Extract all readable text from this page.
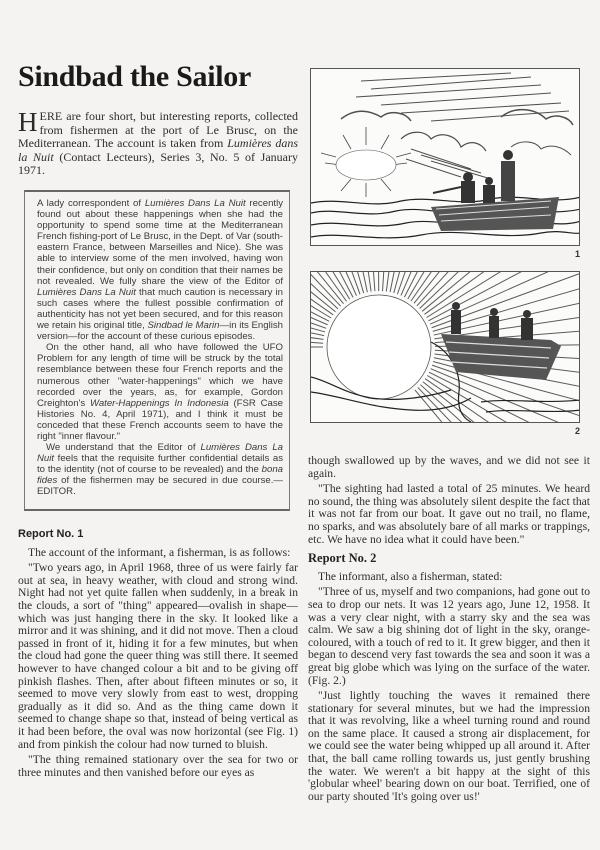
Sindbad the Sailor

HERE are four short, but interesting reports, collected from fishermen at the port of Le Brusc, on the Mediterranean. The account is taken from Lumières dans la Nuit (Contact Lecteurs), Series 3, No. 5 of January 1971.

A lady correspondent of Lumières Dans La Nuit recently found out about these happenings when she had the opportunity to spend some time at the Mediterranean French fishing-port of Le Brusc, in the Dept. of Var (south-eastern France, between Marseilles and Nice). She was able to interview some of the men involved, having won their confidence, but only on condition that their names be not revealed. We fully share the view of the Editor of Lumières Dans La Nuit that much caution is necessary in such cases where the fullest possible confirmation of authenticity has not yet been secured, and for this reason we retain his original title, Sindbad le Marin—in its English version—for the account of these curious episodes.

On the other hand, all who have followed the UFO Problem for any length of time will be struck by the total resemblance between these four French reports and the numerous other "water-happenings" which we have recorded over the years, as, for example, Gordon Creighton's Water-Happenings In Indonesia (FSR Case Histories No. 4, April 1971), and I think it must be conceded that these French accounts seem to have the right "inner flavour."

We understand that the Editor of Lumières Dans La Nuit feels that the requisite further confidential details as to the identity (not of course to be revealed) and the bona fides of the fishermen may be secured in due course.—EDITOR.

Report No. 1

The account of the informant, a fisherman, is as follows:

"Two years ago, in April 1968, three of us were fairly far out at sea, in heavy weather, with cloud and strong wind. Night had not yet quite fallen when suddenly, in a break in the clouds, a sort of "thing" appeared—ovalish in shape—which was just hanging there in the sky. It looked like a mirror and it was shining, and it did not move. Then a cloud passed in front of it, hiding it for a few minutes, but when the cloud had gone the queer thing was still there. It seemed however to have changed colour a bit and to be giving off pinkish flashes. Then, after about fifteen minutes or so, it seemed to move very slowly from east to west, dropping gradually as it did so. And as the thing came down it seemed to change shape so that, instead of being vertical as it had been before, the oval was now horizontal (see Fig. 1) and from pinkish the colour had now turned to bluish.

"The thing remained stationary over the sea for two or three minutes and then vanished before our eyes as

though swallowed up by the waves, and we did not see it again.

"The sighting had lasted a total of 25 minutes. We heard no sound, the thing was absolutely silent despite the fact that it was not far from our boat. It gave out no trail, no flame, no sparks, and was absolutely bare of all marks or trappings, etc. We have no idea what it could have been."

Report No. 2

The informant, also a fisherman, stated:

"Three of us, myself and two companions, had gone out to sea to drop our nets. It was 12 years ago, June 12, 1958. It was a very clear night, with a starry sky and the sea was calm. We saw a big shining dot of light in the sky, orange-coloured, with a touch of red to it. It grew bigger, and then it began to descend very fast towards the sea and soon it was a great big globe which was lying on the surface of the water. (Fig. 2.)

"Just lightly touching the waves it remained there stationary for several minutes, but we had the impression that it was revolving, like a wheel turning round and round on the same place. It caused a strong air displacement, for we could see the water being whipped up all around it. After that, the ball came rolling towards us, just gently brushing the water. We weren't a bit happy at the sight of this 'globular wheel' bearing down on our boat. Terrified, one of our party shouted 'It's going over us!'

1
2
